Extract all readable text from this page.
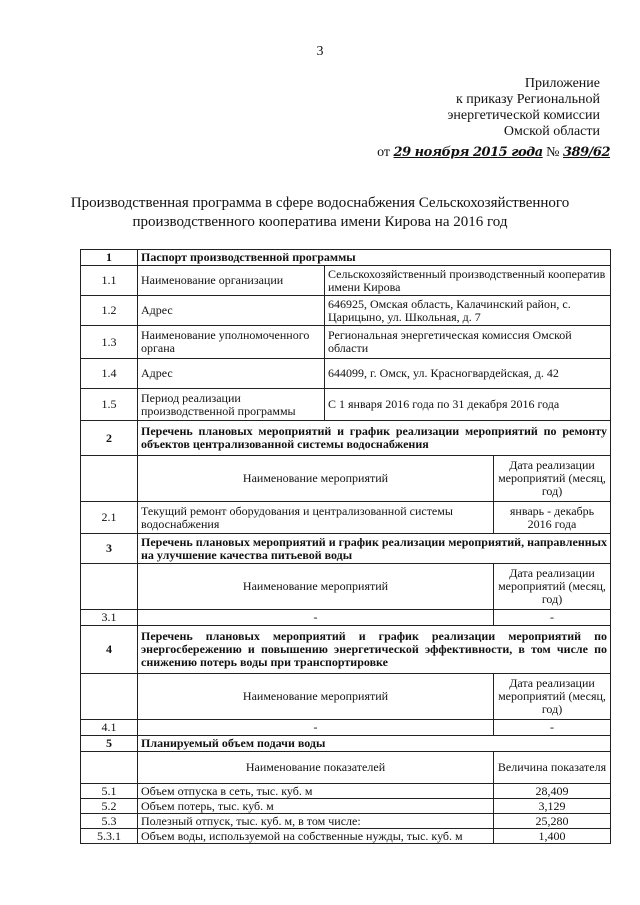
3
Приложение
к приказу Региональной
энергетической комиссии
Омской области
от 29 ноября 2015 года № 389/62
Производственная программа в сфере водоснабжения Сельскохозяйственного производственного кооператива имени Кирова на 2016 год
1	Паспорт производственной программы		
1.1	Наименование организации	Сельскохозяйственный производственный кооператив имени Кирова	
1.2	Адрес	646925, Омская область, Калачинский район, с. Царицыно, ул. Школьная, д. 7	
1.3	Наименование уполномоченного органа	Региональная энергетическая комиссия Омской области	
1.4	Адрес	644099, г. Омск, ул. Красногвардейская, д. 42	
1.5	Период реализации производственной программы	С 1 января 2016 года по 31 декабря 2016 года	
2	Перечень плановых мероприятий и график реализации мероприятий по ремонту объектов централизованной системы водоснабжения		
	Наименование мероприятий		Дата реализации мероприятий (месяц, год)
2.1	Текущий ремонт оборудования и централизованной системы водоснабжения		январь - декабрь 2016 года
3	Перечень плановых мероприятий и график реализации мероприятий, направленных на улучшение качества питьевой воды		
	Наименование мероприятий		Дата реализации мероприятий (месяц, год)
3.1	-		-
4	Перечень плановых мероприятий и график реализации мероприятий по энергосбережению и повышению энергетической эффективности, в том числе по снижению потерь воды при транспортировке		
	Наименование мероприятий		Дата реализации мероприятий (месяц, год)
4.1	-		-
5	Планируемый объем подачи воды		
	Наименование показателей		Величина показателя
5.1	Объем отпуска в сеть, тыс. куб. м		28,409
5.2	Объем потерь, тыс. куб. м		3,129
5.3	Полезный отпуск, тыс. куб. м, в том числе:		25,280
5.3.1	Объем воды, используемой на собственные нужды, тыс. куб. м		1,400
